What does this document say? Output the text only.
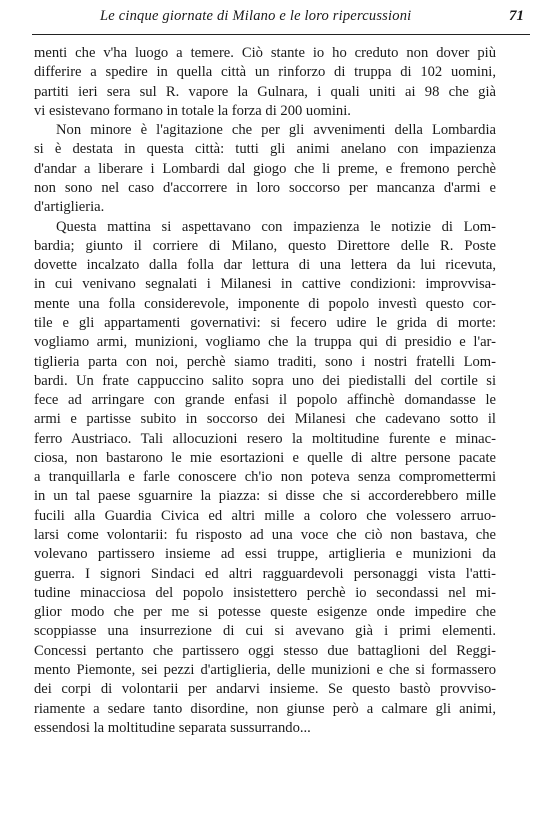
Le cinque giornate di Milano e le loro ripercussioni	71

menti che v'ha luogo a temere. Ciò stante io ho creduto non dover più

differire a spedire in quella città un rinforzo di truppa di 102 uomini,

partiti ieri sera sul R. vapore la Gulnara, i quali uniti ai 98 che già

vi esistevano formano in totale la forza di 200 uomini.

Non minore è l'agitazione che per gli avvenimenti della Lombardia

si è destata in questa città: tutti gli animi anelano con impazienza

d'andar a liberare i Lombardi dal giogo che li preme, e fremono perchè

non sono nel caso d'accorrere in loro soccorso per mancanza d'armi e

d'artiglieria.

Questa mattina si aspettavano con impazienza le notizie di Lom-

bardia; giunto il corriere di Milano, questo Direttore delle R. Poste

dovette incalzato dalla folla dar lettura di una lettera da lui ricevuta,

in cui venivano segnalati i Milanesi in cattive condizioni: improvvisa-

mente una folla considerevole, imponente di popolo investì questo cor-

tile e gli appartamenti governativi: si fecero udire le grida di morte:

vogliamo armi, munizioni, vogliamo che la truppa qui di presidio e l'ar-

tiglieria parta con noi, perchè siamo traditi, sono i nostri fratelli Lom-

bardi. Un frate cappuccino salito sopra uno dei piedistalli del cortile si

fece ad arringare con grande enfasi il popolo affinchè domandasse le

armi e partisse subito in soccorso dei Milanesi che cadevano sotto il

ferro Austriaco. Tali allocuzioni resero la moltitudine furente e minac-

ciosa, non bastarono le mie esortazioni e quelle di altre persone pacate

a tranquillarla e farle conoscere ch'io non poteva senza compromettermi

in un tal paese sguarnire la piazza: si disse che si accorderebbero mille

fucili alla Guardia Civica ed altri mille a coloro che volessero arruo-

larsi come volontarii: fu risposto ad una voce che ciò non bastava, che

volevano partissero insieme ad essi truppe, artiglieria e munizioni da

guerra. I signori Sindaci ed altri ragguardevoli personaggi vista l'atti-

tudine minacciosa del popolo insistettero perchè io secondassi nel mi-

glior modo che per me si potesse queste esigenze onde impedire che

scoppiasse una insurrezione di cui si avevano già i primi elementi.

Concessi pertanto che partissero oggi stesso due battaglioni del Reggi-

mento Piemonte, sei pezzi d'artiglieria, delle munizioni e che si formassero

dei corpi di volontarii per andarvi insieme. Se questo bastò provviso-

riamente a sedare tanto disordine, non giunse però a calmare gli animi,

essendosi la moltitudine separata sussurrando...
